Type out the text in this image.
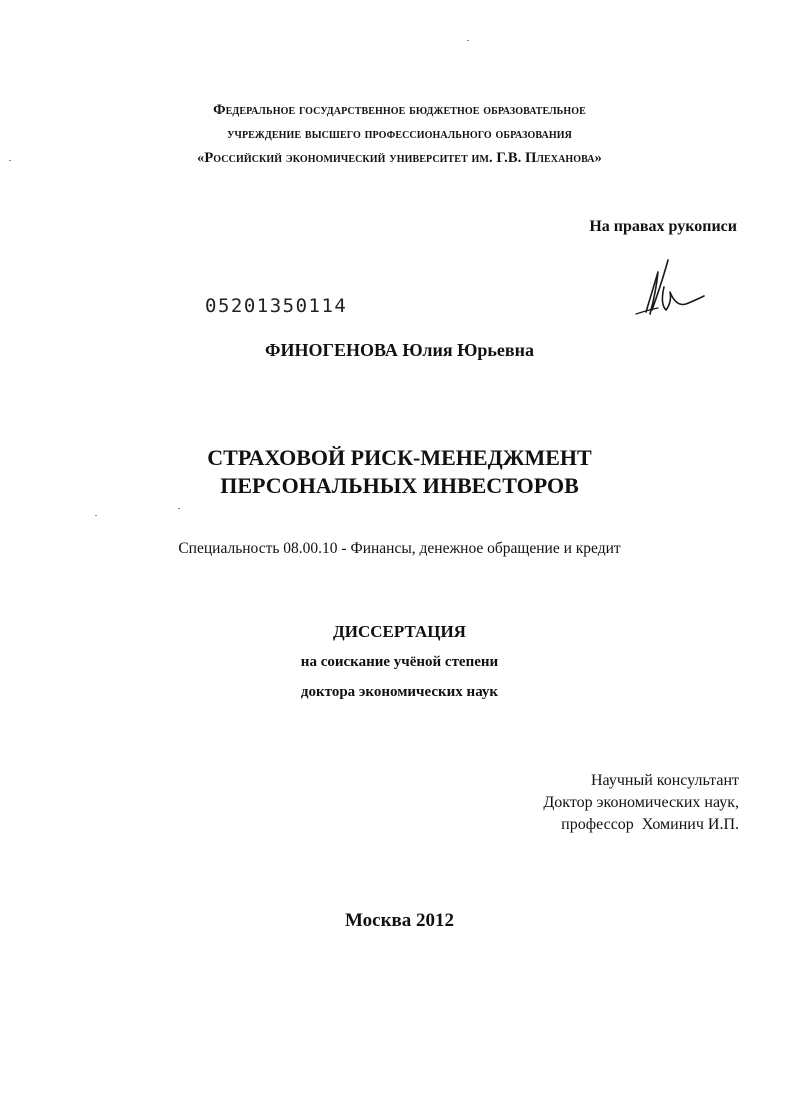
Федеральное государственное бюджетное образовательное
учреждение высшего профессионального образования
«Российский экономический университет им. Г.В. Плеханова»
На правах рукописи
05201350114
ФИНОГЕНОВА Юлия Юрьевна
СТРАХОВОЙ РИСК-МЕНЕДЖМЕНТ
ПЕРСОНАЛЬНЫХ ИНВЕСТОРОВ
Специальность 08.00.10 - Финансы, денежное обращение и кредит
ДИССЕРТАЦИЯ
на соискание учёной степени
доктора экономических наук
Научный консультант
Доктор экономических наук,
профессор  Хоминич И.П.
Москва 2012
